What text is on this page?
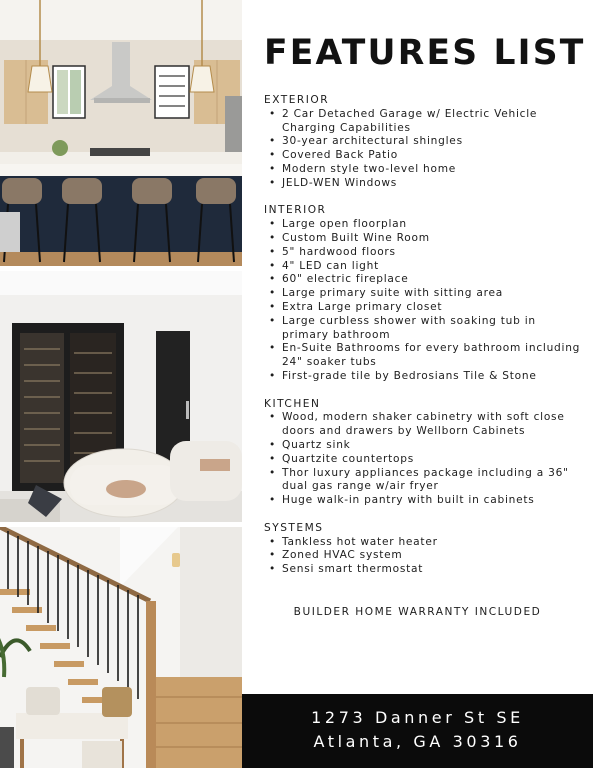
FEATURES LIST
EXTERIOR
• 2 Car Detached Garage w/ Electric Vehicle Charging Capabilities
• 30-year architectural shingles
• Covered Back Patio
• Modern style two-level home
• JELD-WEN Windows
INTERIOR
• Large open floorplan
• Custom Built Wine Room
• 5" hardwood floors
• 4" LED can light
• 60" electric fireplace
• Large primary suite with sitting area
• Extra Large primary closet
• Large curbless shower with soaking tub in primary bathroom
• En-Suite Bathrooms for every bathroom including 24" soaker tubs
• First-grade tile by Bedrosians Tile & Stone
KITCHEN
• Wood, modern shaker cabinetry with soft close doors and drawers by Wellborn Cabinets
• Quartz sink
• Quartzite countertops
• Thor luxury appliances package including a 36" dual gas range w/air fryer
• Huge walk-in pantry with built in cabinets
SYSTEMS
• Tankless hot water heater
• Zoned HVAC system
• Sensi smart thermostat
BUILDER HOME WARRANTY INCLUDED
1273 Danner St SE
Atlanta, GA 30316
